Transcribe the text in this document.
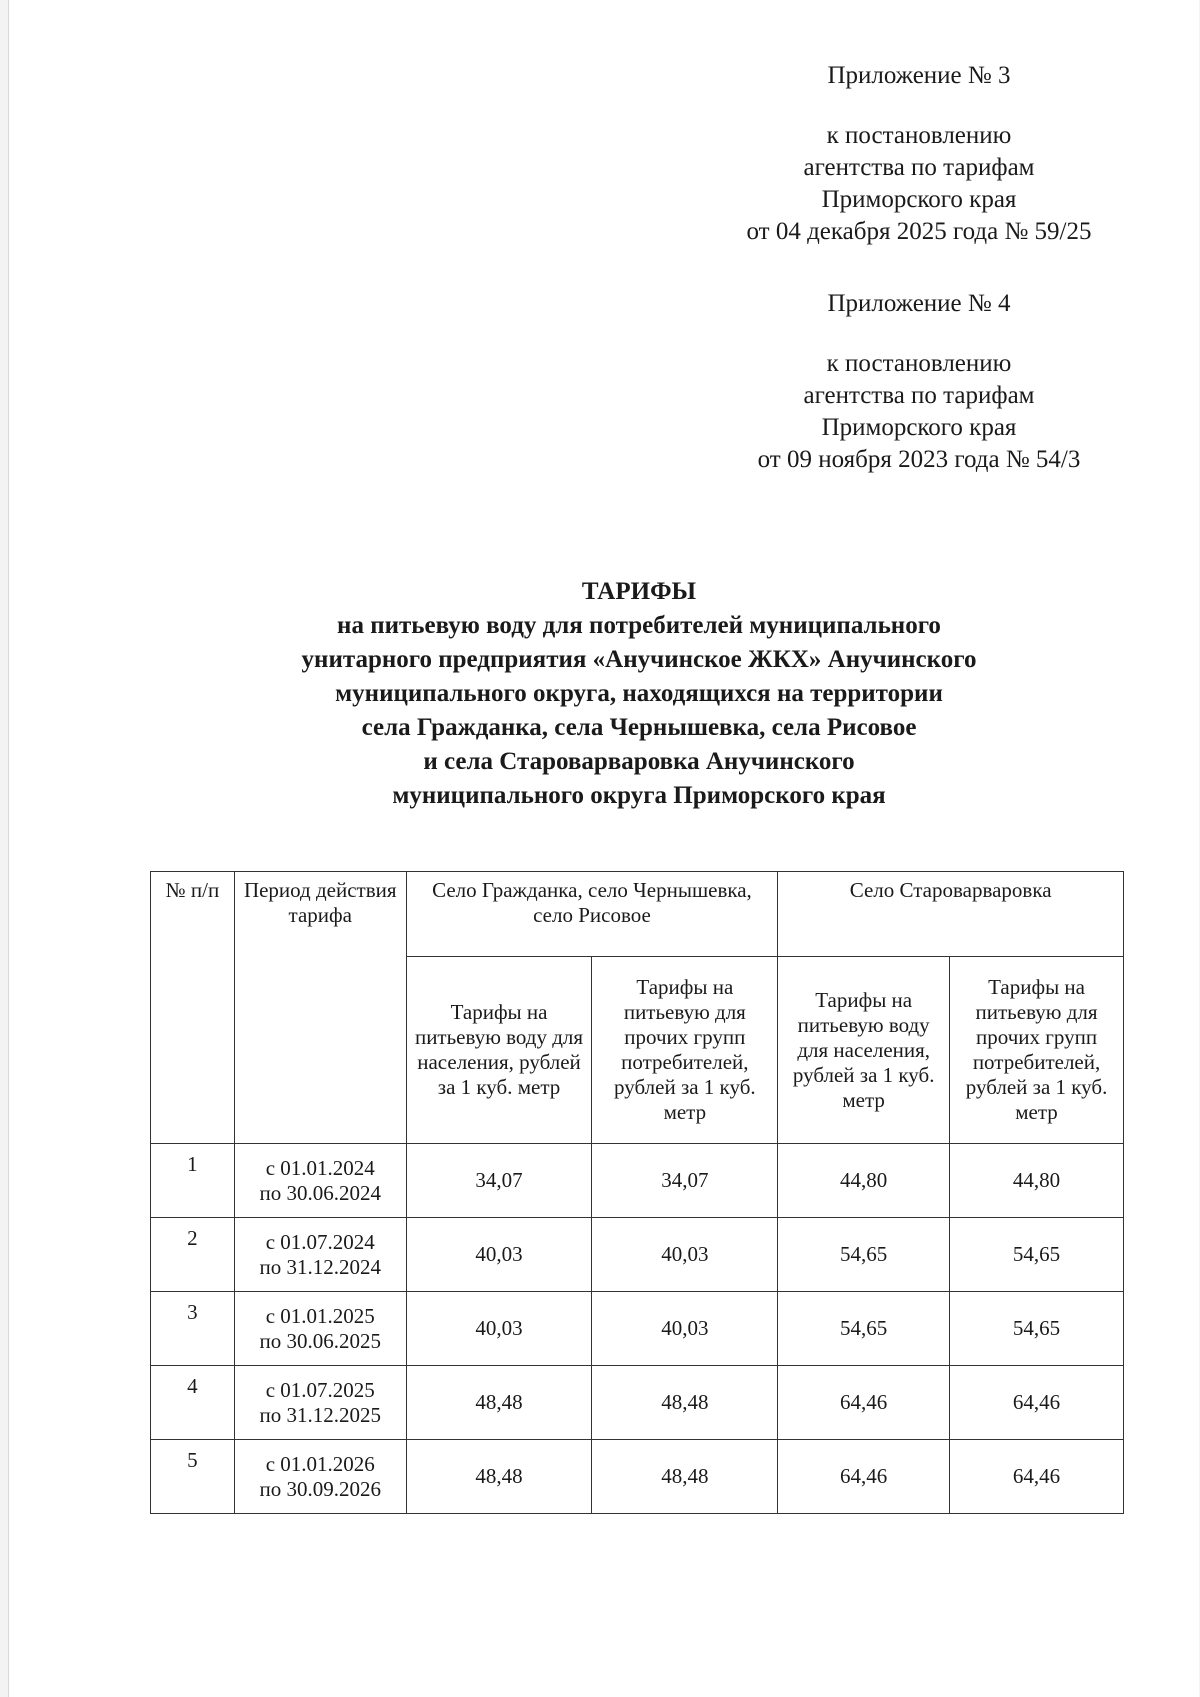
Приложение № 3
к постановлению
агентства по тарифам
Приморского края
от 04 декабря 2025 года № 59/25
Приложение № 4
к постановлению
агентства по тарифам
Приморского края
от 09 ноября 2023 года № 54/3
ТАРИФЫ
на питьевую воду для потребителей муниципального
унитарного предприятия «Анучинское ЖКХ» Анучинского
муниципального округа, находящихся на территории
села Гражданка, села Чернышевка, села Рисовое
и села Староварваровка Анучинского
муниципального округа Приморского края
№ п/п	Период действия тарифа	Село Гражданка, село Чернышевка, село Рисовое		Село Староварваровка	
		Тарифы на питьевую воду для населения, рублей за 1 куб. метр	Тарифы на питьевую для прочих групп потребителей, рублей за 1 куб. метр	Тарифы на питьевую воду для населения, рублей за 1 куб. метр	Тарифы на питьевую для прочих групп потребителей, рублей за 1 куб. метр
1	с 01.01.2024
по 30.06.2024	34,07	34,07	44,80	44,80
2	с 01.07.2024
по 31.12.2024	40,03	40,03	54,65	54,65
3	с 01.01.2025
по 30.06.2025	40,03	40,03	54,65	54,65
4	с 01.07.2025
по 31.12.2025	48,48	48,48	64,46	64,46
5	с 01.01.2026
по 30.09.2026	48,48	48,48	64,46	64,46
